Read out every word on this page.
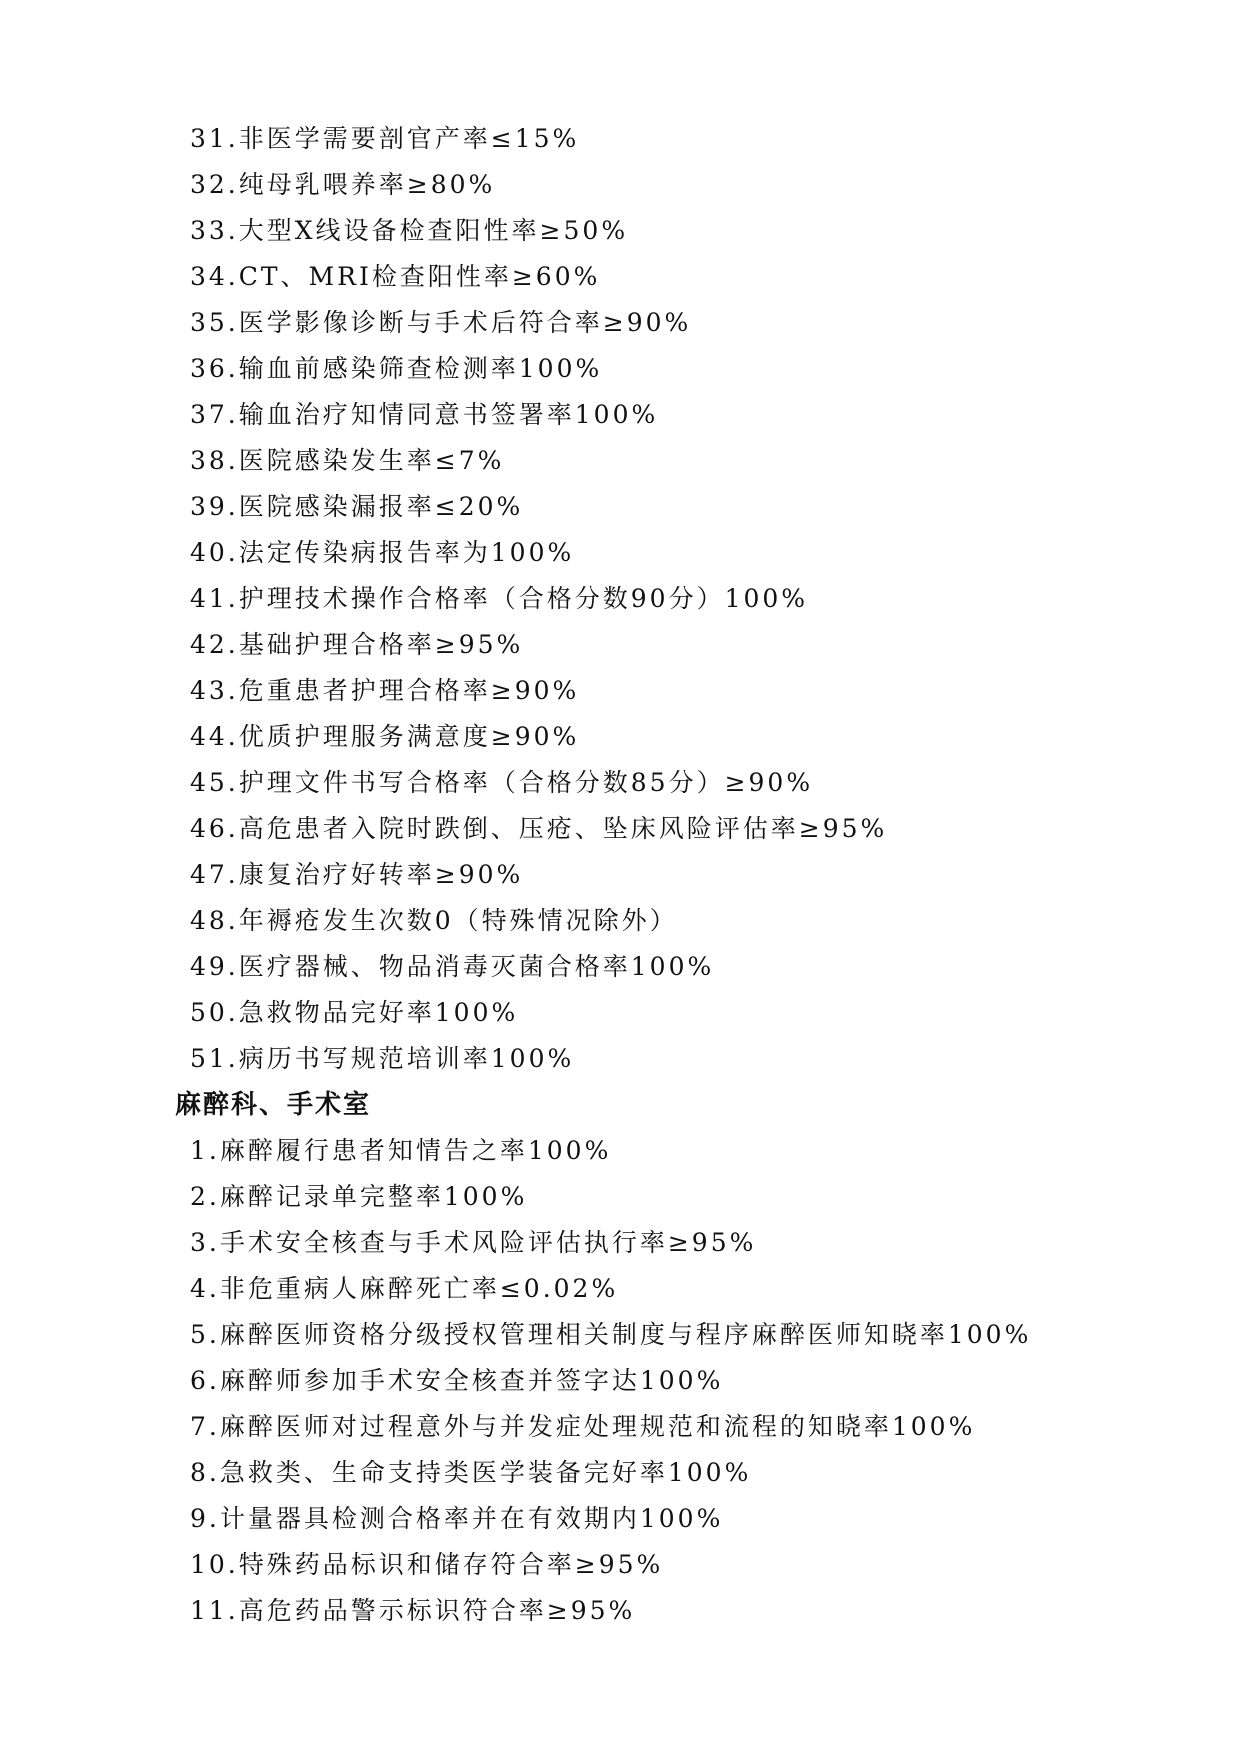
31.非医学需要剖官产率≤15%
32.纯母乳喂养率≥80%
33.大型X线设备检查阳性率≥50%
34.CT、MRI检查阳性率≥60%
35.医学影像诊断与手术后符合率≥90%
36.输血前感染筛查检测率100%
37.输血治疗知情同意书签署率100%
38.医院感染发生率≤7%
39.医院感染漏报率≤20%
40.法定传染病报告率为100%
41.护理技术操作合格率（合格分数90分）100%
42.基础护理合格率≥95%
43.危重患者护理合格率≥90%
44.优质护理服务满意度≥90%
45.护理文件书写合格率（合格分数85分）≥90%
46.高危患者入院时跌倒、压疮、坠床风险评估率≥95%
47.康复治疗好转率≥90%
48.年褥疮发生次数0（特殊情况除外）
49.医疗器械、物品消毒灭菌合格率100%
50.急救物品完好率100%
51.病历书写规范培训率100%
麻醉科、手术室
1.麻醉履行患者知情告之率100%
2.麻醉记录单完整率100%
3.手术安全核查与手术风险评估执行率≥95%
4.非危重病人麻醉死亡率≤0.02%
5.麻醉医师资格分级授权管理相关制度与程序麻醉医师知晓率100%
6.麻醉师参加手术安全核查并签字达100%
7.麻醉医师对过程意外与并发症处理规范和流程的知晓率100%
8.急救类、生命支持类医学装备完好率100%
9.计量器具检测合格率并在有效期内100%
10.特殊药品标识和储存符合率≥95%
11.高危药品警示标识符合率≥95%
